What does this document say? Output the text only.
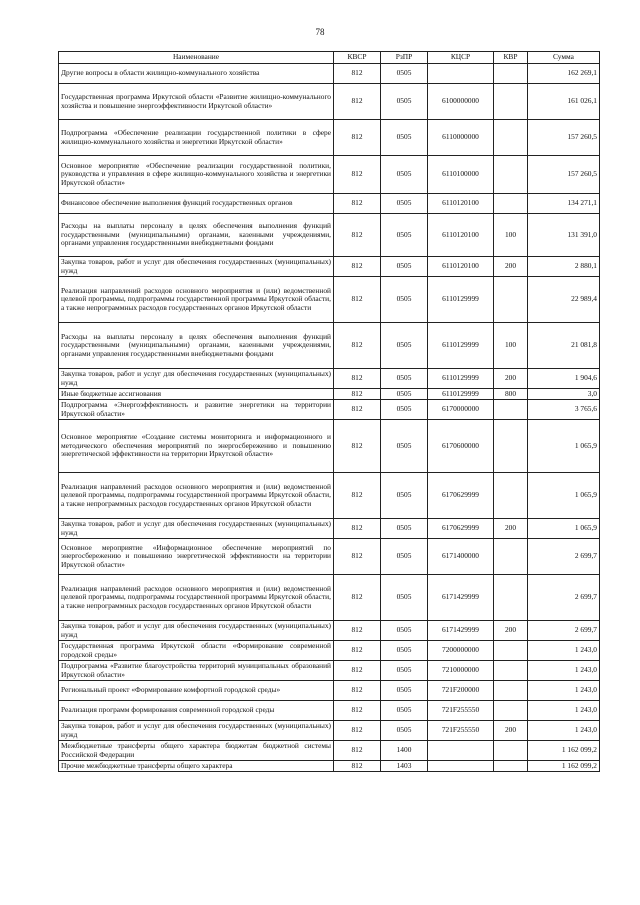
78
Наименование	КВСР	РзПР	КЦСР	КВР	Сумма
Другие вопросы в области жилищно-коммунального хозяйства	812	0505			162 269,1
Государственная программа Иркутской области «Развитие жилищно-коммунального хозяйства и повышение энергоэффективности Иркутской области»	812	0505	6100000000		161 026,1
Подпрограмма «Обеспечение реализации государственной политики в сфере жилищно-коммунального хозяйства и энергетики Иркутской области»	812	0505	6110000000		157 260,5
Основное мероприятие «Обеспечение реализации государственной политики, руководства и управления в сфере жилищно-коммунального хозяйства и энергетики Иркутской области»	812	0505	6110100000		157 260,5
Финансовое обеспечение выполнения функций государственных органов	812	0505	6110120100		134 271,1
Расходы на выплаты персоналу в целях обеспечения выполнения функций государственными (муниципальными) органами, казенными учреждениями, органами управления государственными внебюджетными фондами	812	0505	6110120100	100	131 391,0
Закупка товаров, работ и услуг для обеспечения государственных (муниципальных) нужд	812	0505	6110120100	200	2 880,1
Реализация направлений расходов основного мероприятия и (или) ведомственной целевой программы, подпрограммы государственной программы Иркутской области, а также непрограммных расходов государственных органов Иркутской области	812	0505	6110129999		22 989,4
Расходы на выплаты персоналу в целях обеспечения выполнения функций государственными (муниципальными) органами, казенными учреждениями, органами управления государственными внебюджетными фондами	812	0505	6110129999	100	21 081,8
Закупка товаров, работ и услуг для обеспечения государственных (муниципальных) нужд	812	0505	6110129999	200	1 904,6
Иные бюджетные ассигнования	812	0505	6110129999	800	3,0
Подпрограмма «Энергоэффективность и развитие энергетики на территории Иркутской области»	812	0505	6170000000		3 765,6
Основное мероприятие «Создание системы мониторинга и информационного и методического обеспечения мероприятий по энергосбережению и повышению энергетической эффективности на территории Иркутской области»	812	0505	6170600000		1 065,9
Реализация направлений расходов основного мероприятия и (или) ведомственной целевой программы, подпрограммы государственной программы Иркутской области, а также непрограммных расходов государственных органов Иркутской области	812	0505	6170629999		1 065,9
Закупка товаров, работ и услуг для обеспечения государственных (муниципальных) нужд	812	0505	6170629999	200	1 065,9
Основное мероприятие «Информационное обеспечение мероприятий по энергосбережению и повышению энергетической эффективности на территории Иркутской области»	812	0505	6171400000		2 699,7
Реализация направлений расходов основного мероприятия и (или) ведомственной целевой программы, подпрограммы государственной программы Иркутской области, а также непрограммных расходов государственных органов Иркутской области	812	0505	6171429999		2 699,7
Закупка товаров, работ и услуг для обеспечения государственных (муниципальных) нужд	812	0505	6171429999	200	2 699,7
Государственная программа Иркутской области «Формирование современной городской среды»	812	0505	7200000000		1 243,0
Подпрограмма «Развитие благоустройства территорий муниципальных образований Иркутской области»	812	0505	7210000000		1 243,0
Региональный проект «Формирование комфортной городской среды»	812	0505	721F200000		1 243,0
Реализация программ формирования современной городской среды	812	0505	721F255550		1 243,0
Закупка товаров, работ и услуг для обеспечения государственных (муниципальных) нужд	812	0505	721F255550	200	1 243,0
Межбюджетные трансферты общего характера бюджетам бюджетной системы Российской Федерации	812	1400			1 162 099,2
Прочие межбюджетные трансферты общего характера	812	1403			1 162 099,2
